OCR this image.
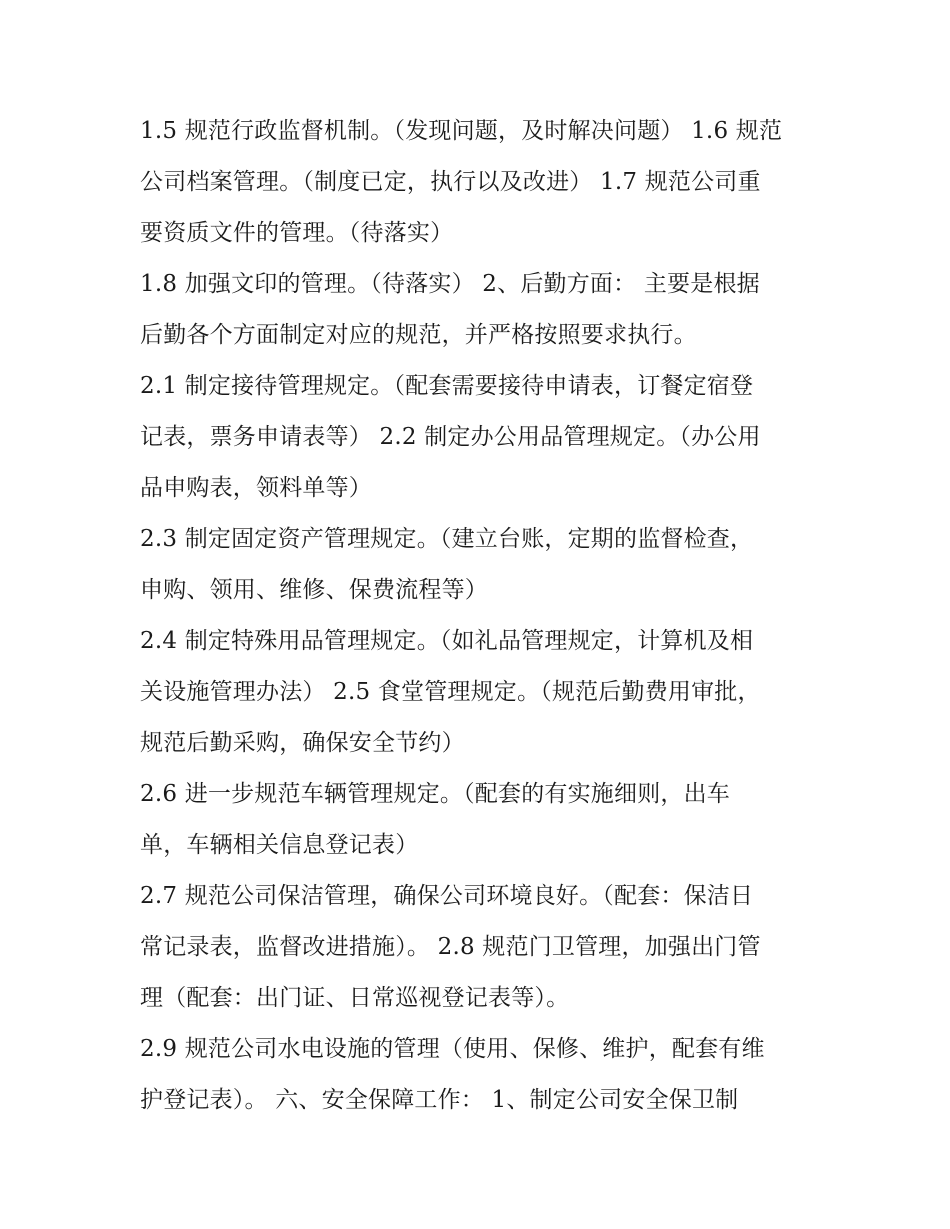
1.5 规范行政监督机制。（发现问题，及时解决问题） 1.6 规范
公司档案管理。（制度已定，执行以及改进） 1.7 规范公司重
要资质文件的管理。（待落实）
1.8 加强文印的管理。（待落实） 2、后勤方面： 主要是根据
后勤各个方面制定对应的规范，并严格按照要求执行。
2.1 制定接待管理规定。（配套需要接待申请表，订餐定宿登
记表，票务申请表等） 2.2 制定办公用品管理规定。（办公用
品申购表，领料单等）
2.3 制定固定资产管理规定。（建立台账，定期的监督检查，
申购、领用、维修、保费流程等）
2.4 制定特殊用品管理规定。（如礼品管理规定，计算机及相
关设施管理办法） 2.5 食堂管理规定。（规范后勤费用审批，
规范后勤采购，确保安全节约）
2.6 进一步规范车辆管理规定。（配套的有实施细则，出车
单，车辆相关信息登记表）
2.7 规范公司保洁管理，确保公司环境良好。（配套：保洁日
常记录表，监督改进措施）。 2.8 规范门卫管理，加强出门管
理（配套：出门证、日常巡视登记表等）。
2.9 规范公司水电设施的管理（使用、保修、维护，配套有维
护登记表）。 六、安全保障工作： 1、制定公司安全保卫制
